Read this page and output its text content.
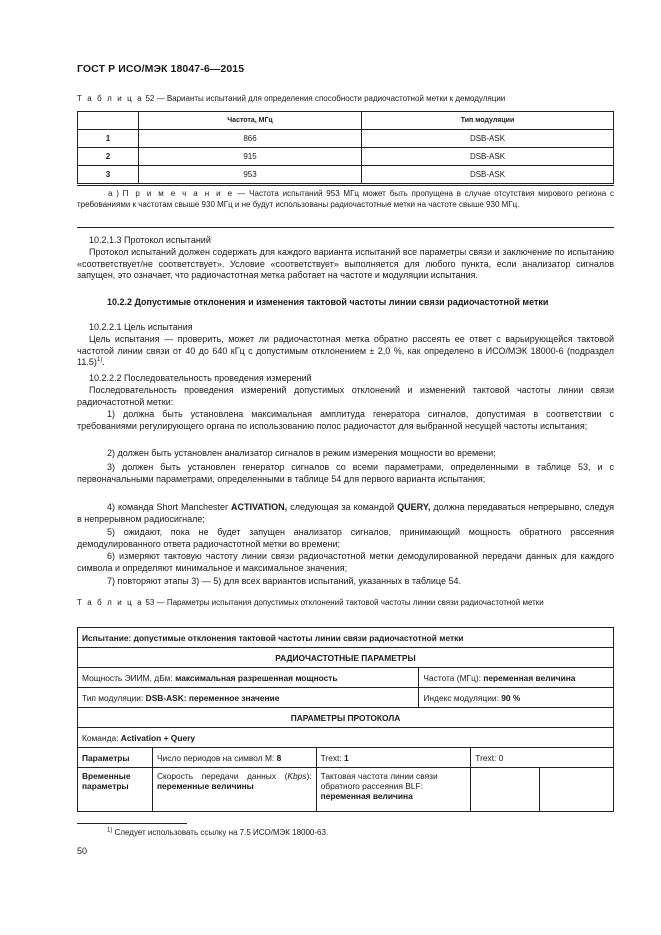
ГОСТ Р ИСО/МЭК 18047-6—2015
Т а б л и ц а 52 — Варианты испытаний для определения способности радиочастотной метки к демодуляции
	Частота, МГц	Тип модуляции
1	866	DSB-ASK
2	915	DSB-ASK
3	953	DSB-ASK

а ) П р и м е ч а н и е — Частота испытаний 953 МГц может быть пропущена в случае отсутствия мирового региона с требованиями к частотам свыше 930 МГц и не будут использованы радиочастотные метки на частоте свыше 930 МГц.

10.2.1.3 Протокол испытаний
Протокол испытаний должен содержать для каждого варианта испытаний все параметры связи и заключение по испытанию «соответствует/не соответствует». Условие «соответствует» выполняется для любого пункта, если анализатор сигналов запущен, это означает, что радиочастотная метка работает на частоте и модуляции испытания.
10.2.2 Допустимые отклонения и изменения тактовой частоты линии связи радиочастотной метки
10.2.2.1 Цель испытания
Цель испытания — проверить, может ли радиочастотная метка обратно рассеять ее ответ с варьирующейся тактовой частотой линии связи от 40 до 640 кГц с допустимым отклонением ± 2,0 %, как определено в ИСО/МЭК 18000-6 (подраздел 11.5)$^{1)}$.
10.2.2.2 Последовательность проведения измерений
Последовательность проведения измерений допустимых отклонений и изменений тактовой частоты линии связи радиочастотной метки:
1) должна быть установлена максимальная амплитуда генератора сигналов, допустимая в соответствии с требованиями регулирующего органа по использованию полос радиочастот для выбранной несущей частоты испытания;
2) должен быть установлен анализатор сигналов в режим измерения мощности во времени;
3) должен быть установлен генератор сигналов со всеми параметрами, определенными в таблице 53, и с первоначальными параметрами, определенными в таблице 54 для первого варианта испытания;
4) команда Short Manchester ACTIVATION, следующая за командой QUERY, должна передаваться непрерывно, следуя в непрерывном радиосигнале;
5) ожидают, пока не будет запущен анализатор сигналов, принимающий мощность обратного рассеяния демодулированного ответа радиочастотной метки во времени;
6) измеряют тактовую частоту линии связи радиочастотной метки демодулированной передачи данных для каждого символа и определяют минимальное и максимальное значения;
7) повторяют этапы 3) — 5) для всех вариантов испытаний, указанных в таблице 54.
Т а б л и ц а 53 — Параметры испытания допустимых отклонений тактовой частоты линии связи радиочастотной метки
Испытание: допустимые отклонения тактовой частоты линии связи радиочастотной метки					
РАДИОЧАСТОТНЫЕ ПАРАМЕТРЫ					
Мощность ЭИИМ, дБм: максимальная разрешенная мощность			Частота (МГц): переменная величина		
Тип модуляции: DSB-ASK: переменное значение			Индекс модуляции: 90 %		
ПАРАМЕТРЫ ПРОТОКОЛА					
Команда: Activation + Query					
Параметры	Число периодов на символ М: 8	Trext: 1		Trext: 0	
Временные параметры	Скорость передачи данных (Kbps): переменные величины	Тактовая частота линии связи обратного рассеяния BLF: переменная величина			
$^{1)}$ Следует использовать ссылку на 7.5 ИСО/МЭК 18000-63.
50
